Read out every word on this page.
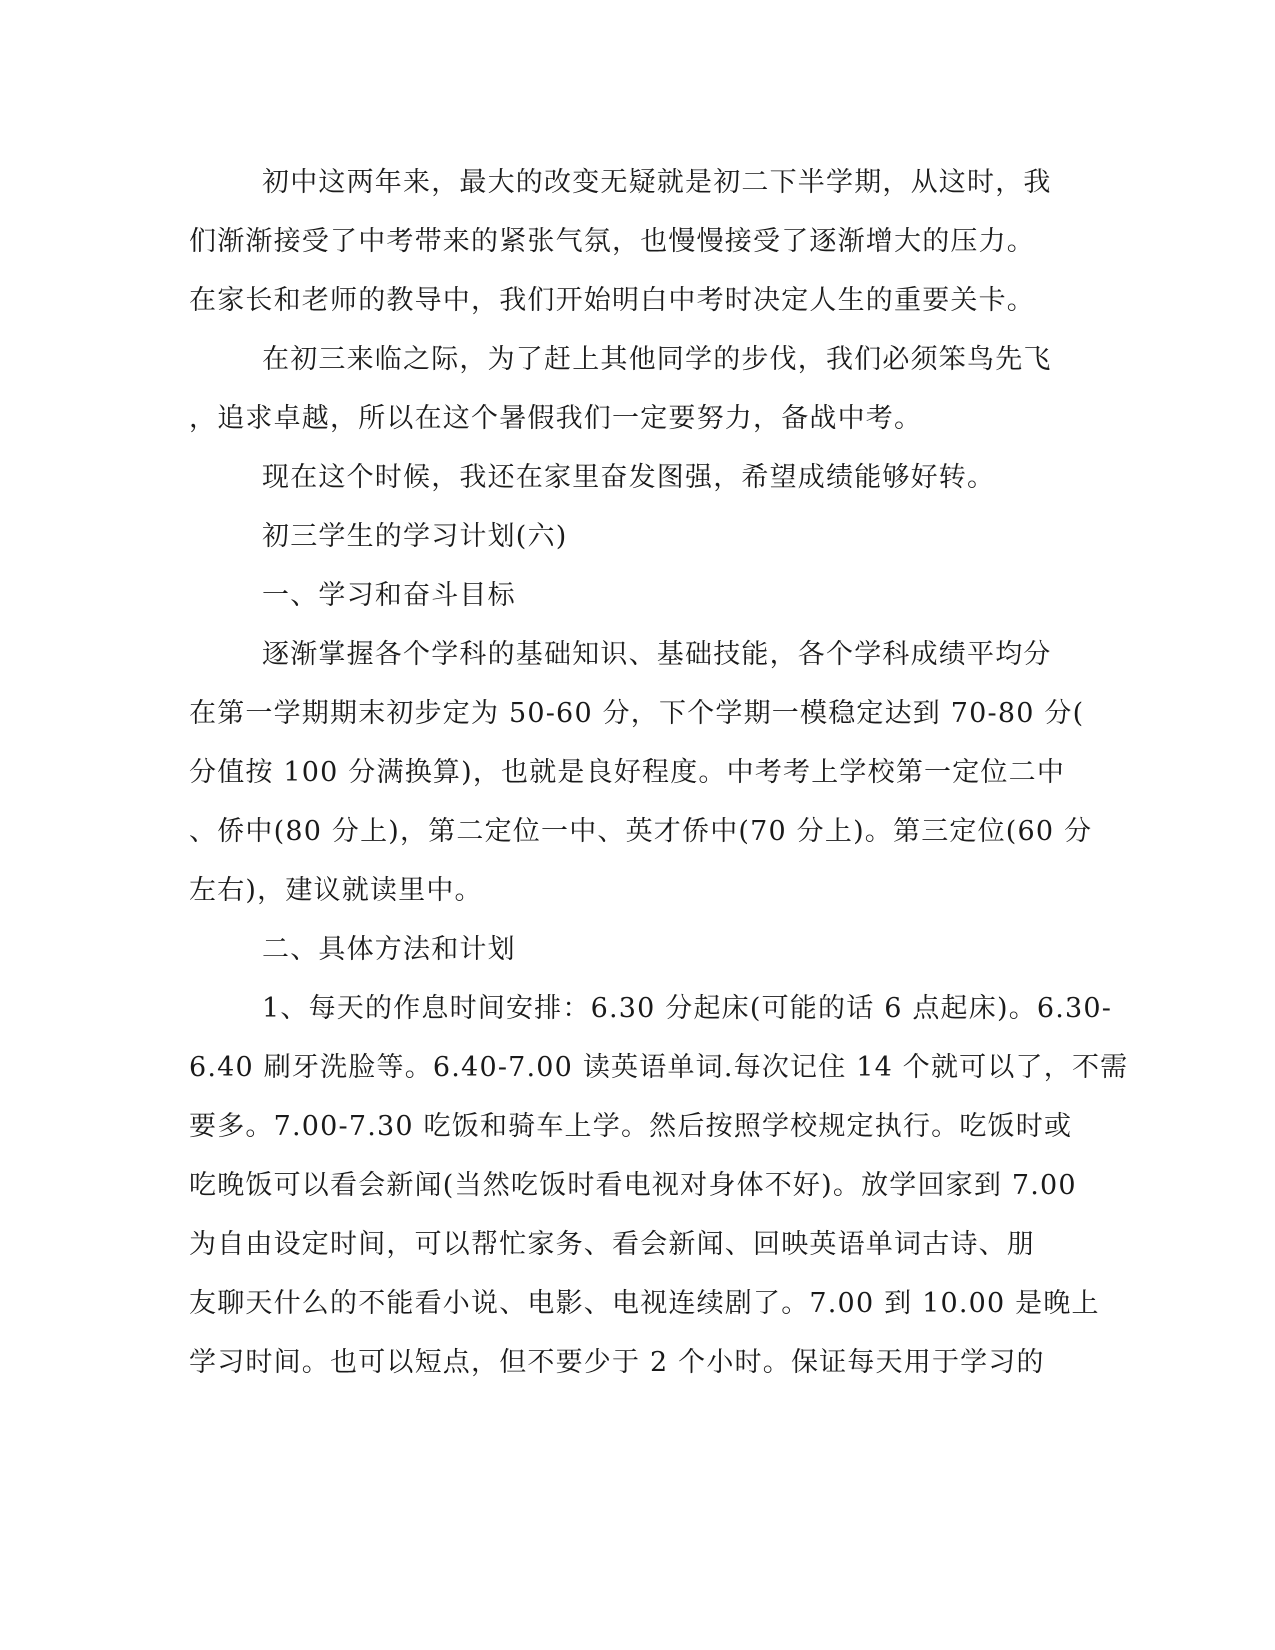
初中这两年来，最大的改变无疑就是初二下半学期，从这时，我
们渐渐接受了中考带来的紧张气氛，也慢慢接受了逐渐增大的压力。
在家长和老师的教导中，我们开始明白中考时决定人生的重要关卡。
在初三来临之际，为了赶上其他同学的步伐，我们必须笨鸟先飞
，追求卓越，所以在这个暑假我们一定要努力，备战中考。
现在这个时候，我还在家里奋发图强，希望成绩能够好转。
初三学生的学习计划(六)
一、学习和奋斗目标
逐渐掌握各个学科的基础知识、基础技能，各个学科成绩平均分
在第一学期期末初步定为 50-60 分，下个学期一模稳定达到 70-80 分(
分值按 100 分满换算)，也就是良好程度。中考考上学校第一定位二中
、侨中(80 分上)，第二定位一中、英才侨中(70 分上)。第三定位(60 分
左右)，建议就读里中。
二、具体方法和计划
1、每天的作息时间安排：6.30 分起床(可能的话 6 点起床)。6.30-
6.40 刷牙洗脸等。6.40-7.00 读英语单词.每次记住 14 个就可以了，不需
要多。7.00-7.30 吃饭和骑车上学。然后按照学校规定执行。吃饭时或
吃晚饭可以看会新闻(当然吃饭时看电视对身体不好)。放学回家到 7.00
为自由设定时间，可以帮忙家务、看会新闻、回映英语单词古诗、朋
友聊天什么的不能看小说、电影、电视连续剧了。7.00 到 10.00 是晚上
学习时间。也可以短点，但不要少于 2 个小时。保证每天用于学习的
